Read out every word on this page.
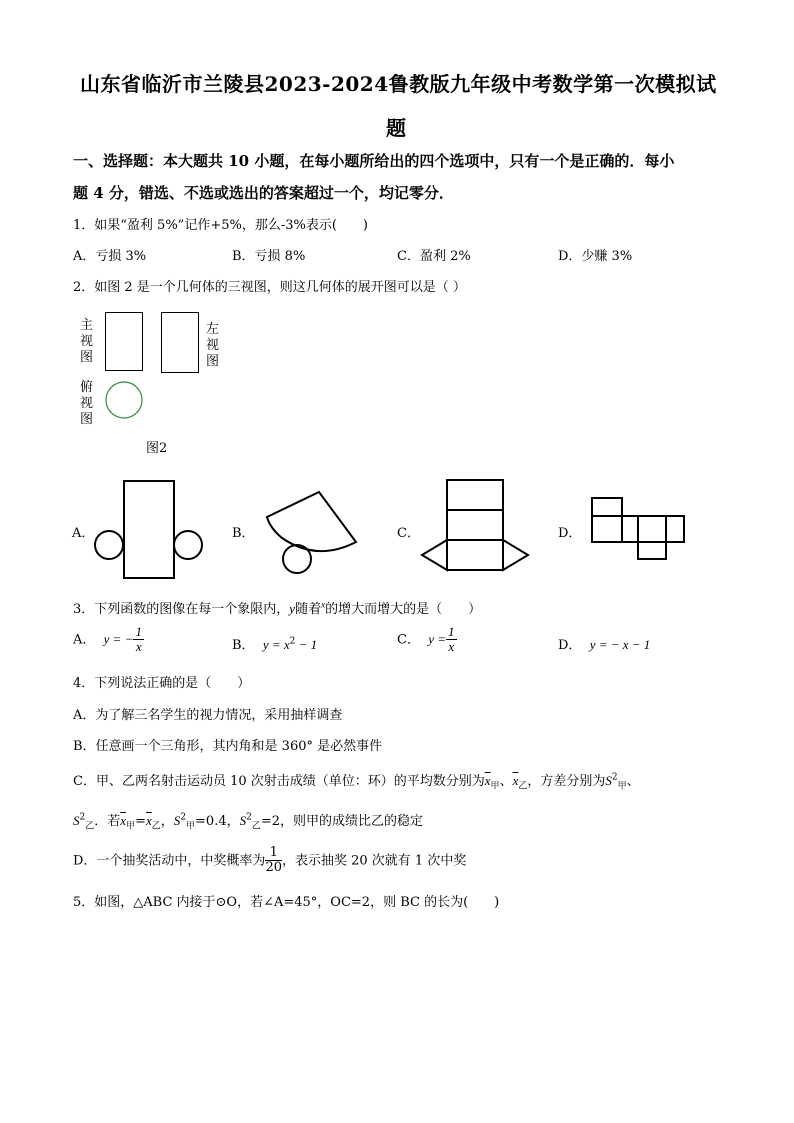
山东省临沂市兰陵县2023-2024鲁教版九年级中考数学第一次模拟试
题
一、选择题：本大题共 10 小题，在每小题所给出的四个选项中，只有一个是正确的．每小
题 4 分，错选、不选或选出的答案超过一个，均记零分．
1．如果“盈利 5%”记作+5%，那么-3%表示(　　)
A．亏损 3%	B．亏损 8%	C．盈利 2%	D．少赚 3%
2．如图 2 是一个几何体的三视图，则这几何体的展开图可以是（ ）
主视图
左视图
俯视图
图2
A．	B．	C．	D．
3．下列函数的图像在每一个象限内，y随着$^x$的增大而增大的是（　　）
A． y = − $\frac{1}{x}$	B． $y = x^2 - 1$	C． $y = \frac{1}{x}$	D． y = − x − 1
4．下列说法正确的是（　　）
A．为了解三名学生的视力情况，采用抽样调查
B．任意画一个三角形，其内角和是 360° 是必然事件
C．甲、乙两名射击运动员 10 次射击成绩（单位：环）的平均数分别为$\overline{x}_甲$、$\overline{x}_乙$，方差分别为$S^2_甲$、
$S^2_乙$．若$\overline{x}_甲=\overline{x}_乙$，$S^2_甲=0.4$，$S^2_乙=2$，则甲的成绩比乙的稳定
D．一个抽奖活动中，中奖概率为 $\frac{1}{20}$ ，表示抽奖 20 次就有 1 次中奖
5．如图，△ABC 内接于⊙O，若∠A=45°，OC=2，则 BC 的长为(　　)
